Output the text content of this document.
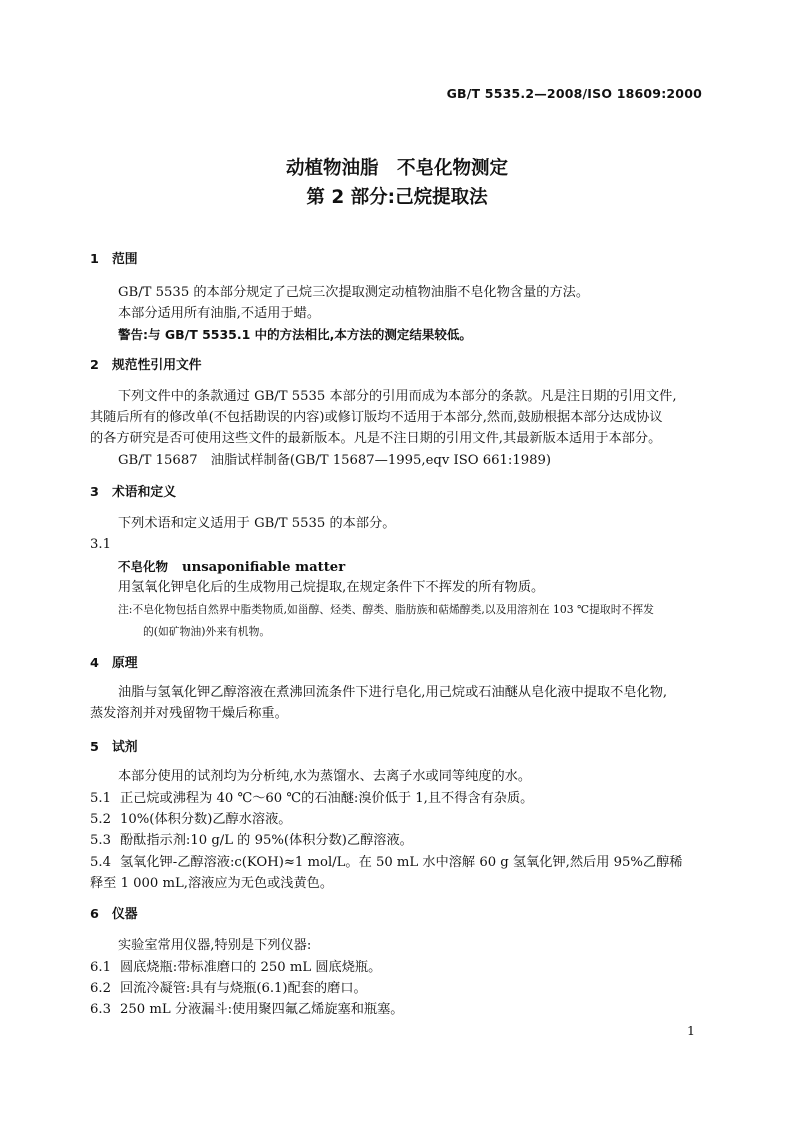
GB/T 5535.2—2008/ISO 18609:2000
动植物油脂　不皂化物测定
第 2 部分:己烷提取法
1 范围
GB/T 5535 的本部分规定了己烷三次提取测定动植物油脂不皂化物含量的方法。
本部分适用所有油脂,不适用于蜡。
警告:与 GB/T 5535.1 中的方法相比,本方法的测定结果较低。
2 规范性引用文件
下列文件中的条款通过 GB/T 5535 本部分的引用而成为本部分的条款。凡是注日期的引用文件,
其随后所有的修改单(不包括勘误的内容)或修订版均不适用于本部分,然而,鼓励根据本部分达成协议
的各方研究是否可使用这些文件的最新版本。凡是不注日期的引用文件,其最新版本适用于本部分。
GB/T 15687　油脂试样制备(GB/T 15687—1995,eqv ISO 661:1989)
3 术语和定义
下列术语和定义适用于 GB/T 5535 的本部分。
3.1
不皂化物 unsaponifiable matter
用氢氧化钾皂化后的生成物用己烷提取,在规定条件下不挥发的所有物质。
注:不皂化物包括自然界中脂类物质,如甾醇、烃类、醇类、脂肪族和萜烯醇类,以及用溶剂在 103 ℃提取时不挥发
的(如矿物油)外来有机物。
4 原理
油脂与氢氧化钾乙醇溶液在煮沸回流条件下进行皂化,用己烷或石油醚从皂化液中提取不皂化物,
蒸发溶剂并对残留物干燥后称重。
5 试剂
本部分使用的试剂均为分析纯,水为蒸馏水、去离子水或同等纯度的水。
5.1 正己烷或沸程为 40 ℃～60 ℃的石油醚:溴价低于 1,且不得含有杂质。
5.2 10%(体积分数)乙醇水溶液。
5.3 酚酞指示剂:10 g/L 的 95%(体积分数)乙醇溶液。
5.4 氢氧化钾-乙醇溶液:c(KOH)≈1 mol/L。在 50 mL 水中溶解 60 g 氢氧化钾,然后用 95%乙醇稀
释至 1 000 mL,溶液应为无色或浅黄色。
6 仪器
实验室常用仪器,特别是下列仪器:
6.1 圆底烧瓶:带标准磨口的 250 mL 圆底烧瓶。
6.2 回流冷凝管:具有与烧瓶(6.1)配套的磨口。
6.3 250 mL 分液漏斗:使用聚四氟乙烯旋塞和瓶塞。
1
